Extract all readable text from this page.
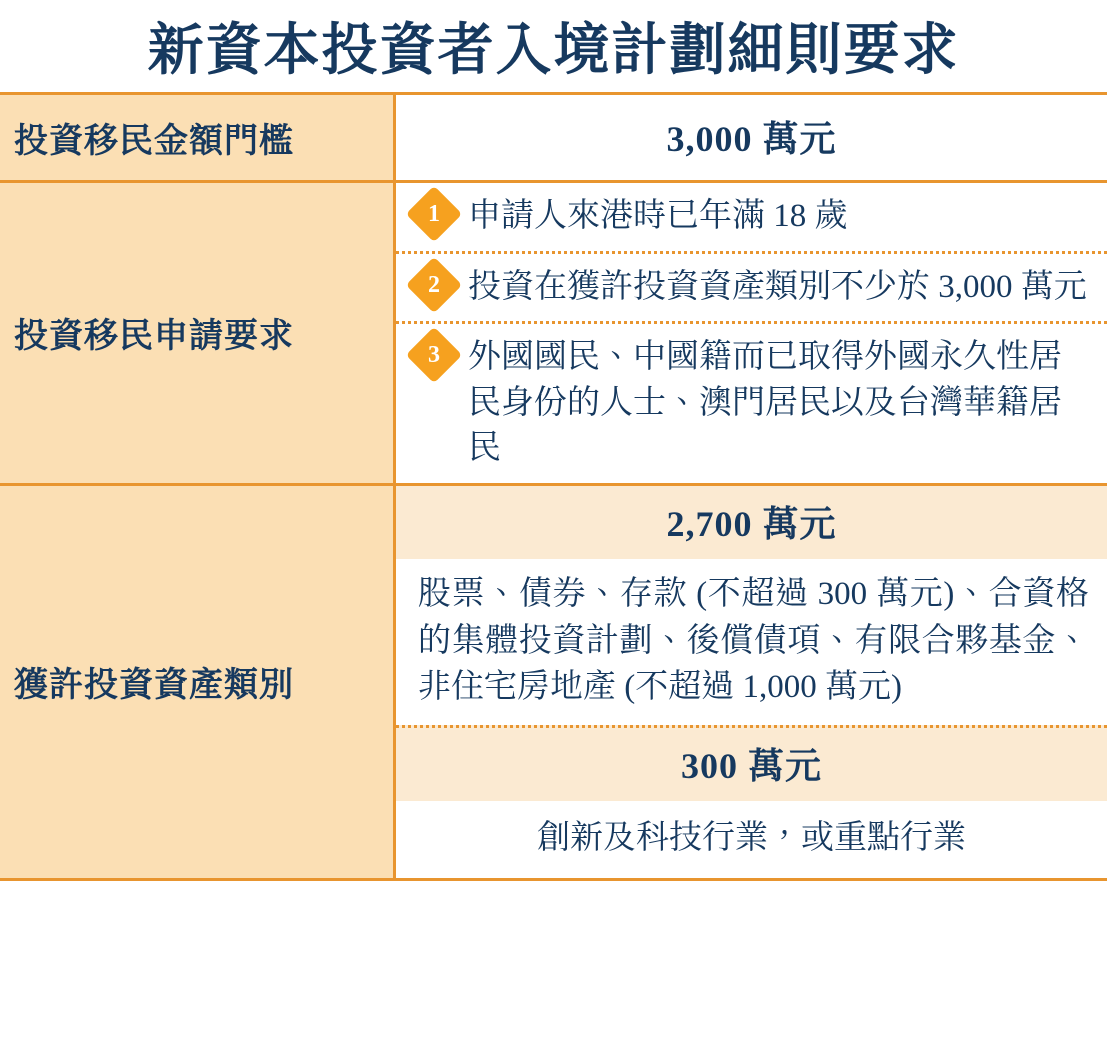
新資本投資者入境計劃細則要求
投資移民金額門檻	3,000 萬元
投資移民申請要求
1 申請人來港時已年滿 18 歲
2 投資在獲許投資資產類別不少於 3,000 萬元
3 外國國民、中國籍而已取得外國永久性居民身份的人士、澳門居民以及台灣華籍居民
獲許投資資產類別
2,700 萬元
股票、債券、存款 (不超過 300 萬元)、合資格的集體投資計劃、後償債項、有限合夥基金、非住宅房地產 (不超過 1,000 萬元)
300 萬元
創新及科技行業，或重點行業
